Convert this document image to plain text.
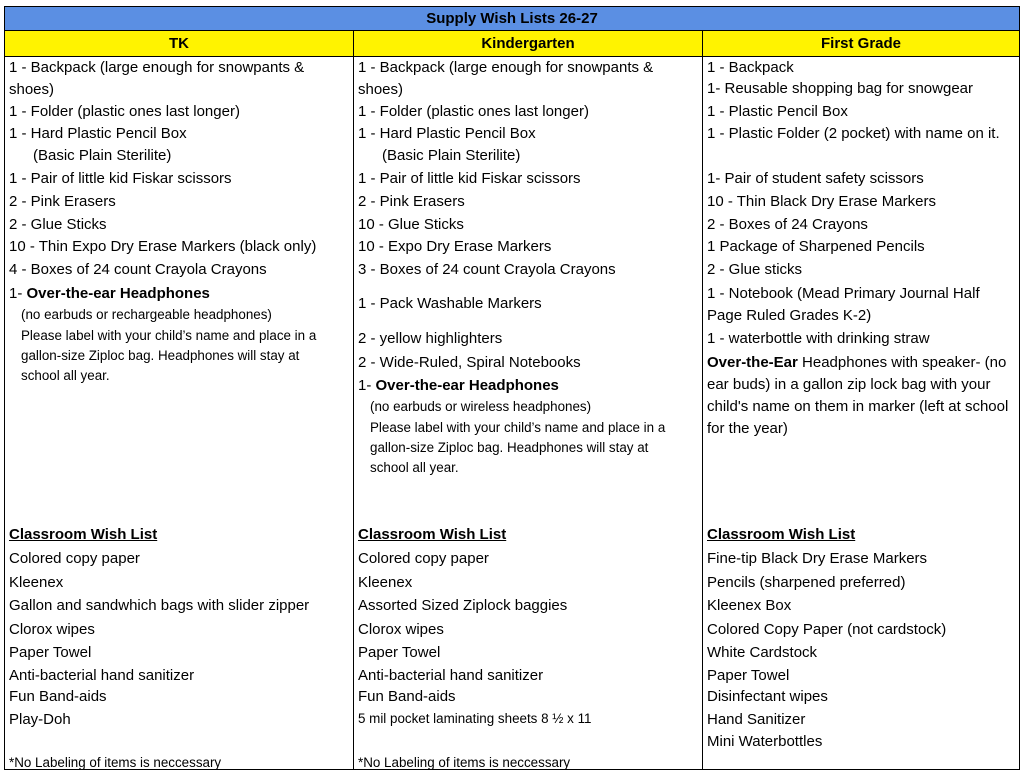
Supply Wish Lists 26-27
TK	Kindergarten	First Grade
1 - Backpack (large enough for snowpants & shoes)
1 - Folder (plastic ones last longer)
1 - Hard Plastic Pencil Box
(Basic Plain Sterilite)
1 - Pair of little kid Fiskar scissors
2 - Pink Erasers
2 - Glue Sticks
10 - Thin Expo Dry Erase Markers (black only)
4 - Boxes of 24 count Crayola Crayons
1- Over-the-ear Headphones
(no earbuds or rechargeable headphones)
Please label with your child’s name and place in a gallon-size Ziploc bag. Headphones will stay at school all year.
Classroom Wish List
Colored copy paper
Kleenex
Gallon and sandwhich bags with slider zipper
Clorox wipes
Paper Towel
Anti-bacterial hand sanitizer
Fun Band-aids
Play-Doh
*No Labeling of items is neccessary
1 - Backpack (large enough for snowpants & shoes)
1 - Folder (plastic ones last longer)
1 - Hard Plastic Pencil Box
(Basic Plain Sterilite)
1 - Pair of little kid Fiskar scissors
2 - Pink Erasers
10 - Glue Sticks
10 - Expo Dry Erase Markers
3 - Boxes of 24 count Crayola Crayons
1 - Pack Washable Markers
2 - yellow highlighters
2 - Wide-Ruled, Spiral Notebooks
1- Over-the-ear Headphones
(no earbuds or wireless headphones)
Please label with your child’s name and place in a gallon-size Ziploc bag. Headphones will stay at school all year.
Classroom Wish List
Colored copy paper
Kleenex
Assorted Sized Ziplock baggies
Clorox wipes
Paper Towel
Anti-bacterial hand sanitizer
Fun Band-aids
5 mil pocket laminating sheets 8 ½ x 11
*No Labeling of items is neccessary
1 - Backpack
1- Reusable shopping bag for snowgear
1 - Plastic Pencil Box
1 - Plastic Folder (2 pocket) with name on it.
1- Pair of student safety scissors
10 - Thin Black Dry Erase Markers
2 - Boxes of 24 Crayons
1 Package of Sharpened Pencils
2 - Glue sticks
1 - Notebook (Mead Primary Journal Half Page Ruled Grades K-2)
1 - waterbottle with drinking straw
Over-the-Ear Headphones with speaker- (no ear buds) in a gallon zip lock bag with your child's name on them in marker (left at school for the year)
Classroom Wish List
Fine-tip Black Dry Erase Markers
Pencils (sharpened preferred)
Kleenex Box
Colored Copy Paper (not cardstock)
White Cardstock
Paper Towel
Disinfectant wipes
Hand Sanitizer
Mini Waterbottles
